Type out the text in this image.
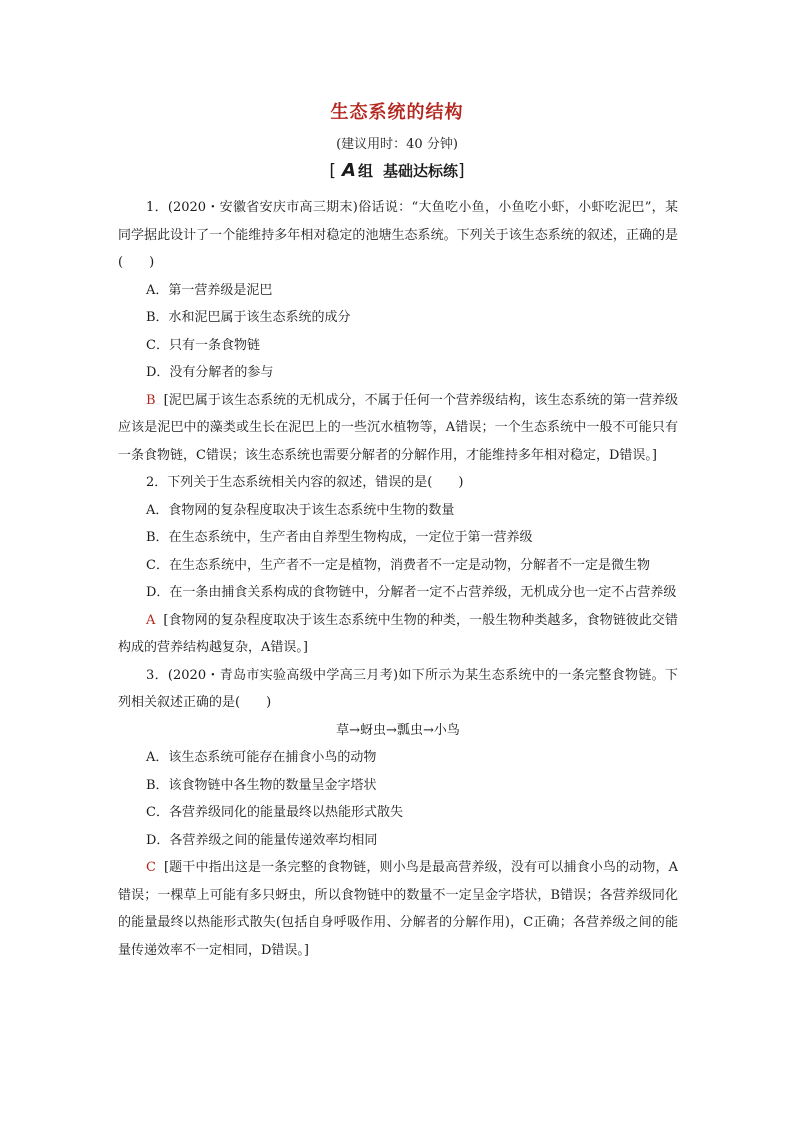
生态系统的结构
(建议用时：40 分钟)
[ A 组 基础达标练]

1．(2020・安徽省安庆市高三期末)俗话说：“大鱼吃小鱼，小鱼吃小虾，小虾吃泥巴”，某同学据此设计了一个能维持多年相对稳定的池塘生态系统。下列关于该生态系统的叙述，正确的是(　　)

A．第一营养级是泥巴

B．水和泥巴属于该生态系统的成分

C．只有一条食物链

D．没有分解者的参与

B [泥巴属于该生态系统的无机成分，不属于任何一个营养级结构，该生态系统的第一营养级应该是泥巴中的藻类或生长在泥巴上的一些沉水植物等，A错误；一个生态系统中一般不可能只有一条食物链，C错误；该生态系统也需要分解者的分解作用，才能维持多年相对稳定，D错误。]

2．下列关于生态系统相关内容的叙述，错误的是(　　)

A．食物网的复杂程度取决于该生态系统中生物的数量

B．在生态系统中，生产者由自养型生物构成，一定位于第一营养级

C．在生态系统中，生产者不一定是植物，消费者不一定是动物，分解者不一定是微生物

D．在一条由捕食关系构成的食物链中，分解者一定不占营养级，无机成分也一定不占营养级

A [食物网的复杂程度取决于该生态系统中生物的种类，一般生物种类越多，食物链彼此交错构成的营养结构越复杂，A错误。]

3．(2020・青岛市实验高级中学高三月考)如下所示为某生态系统中的一条完整食物链。下列相关叙述正确的是(　　)

草→蚜虫→瓢虫→小鸟

A．该生态系统可能存在捕食小鸟的动物

B．该食物链中各生物的数量呈金字塔状

C．各营养级同化的能量最终以热能形式散失

D．各营养级之间的能量传递效率均相同

C [题干中指出这是一条完整的食物链，则小鸟是最高营养级，没有可以捕食小鸟的动物，A错误；一棵草上可能有多只蚜虫，所以食物链中的数量不一定呈金字塔状，B错误；各营养级同化的能量最终以热能形式散失(包括自身呼吸作用、分解者的分解作用)，C正确；各营养级之间的能量传递效率不一定相同，D错误。]
